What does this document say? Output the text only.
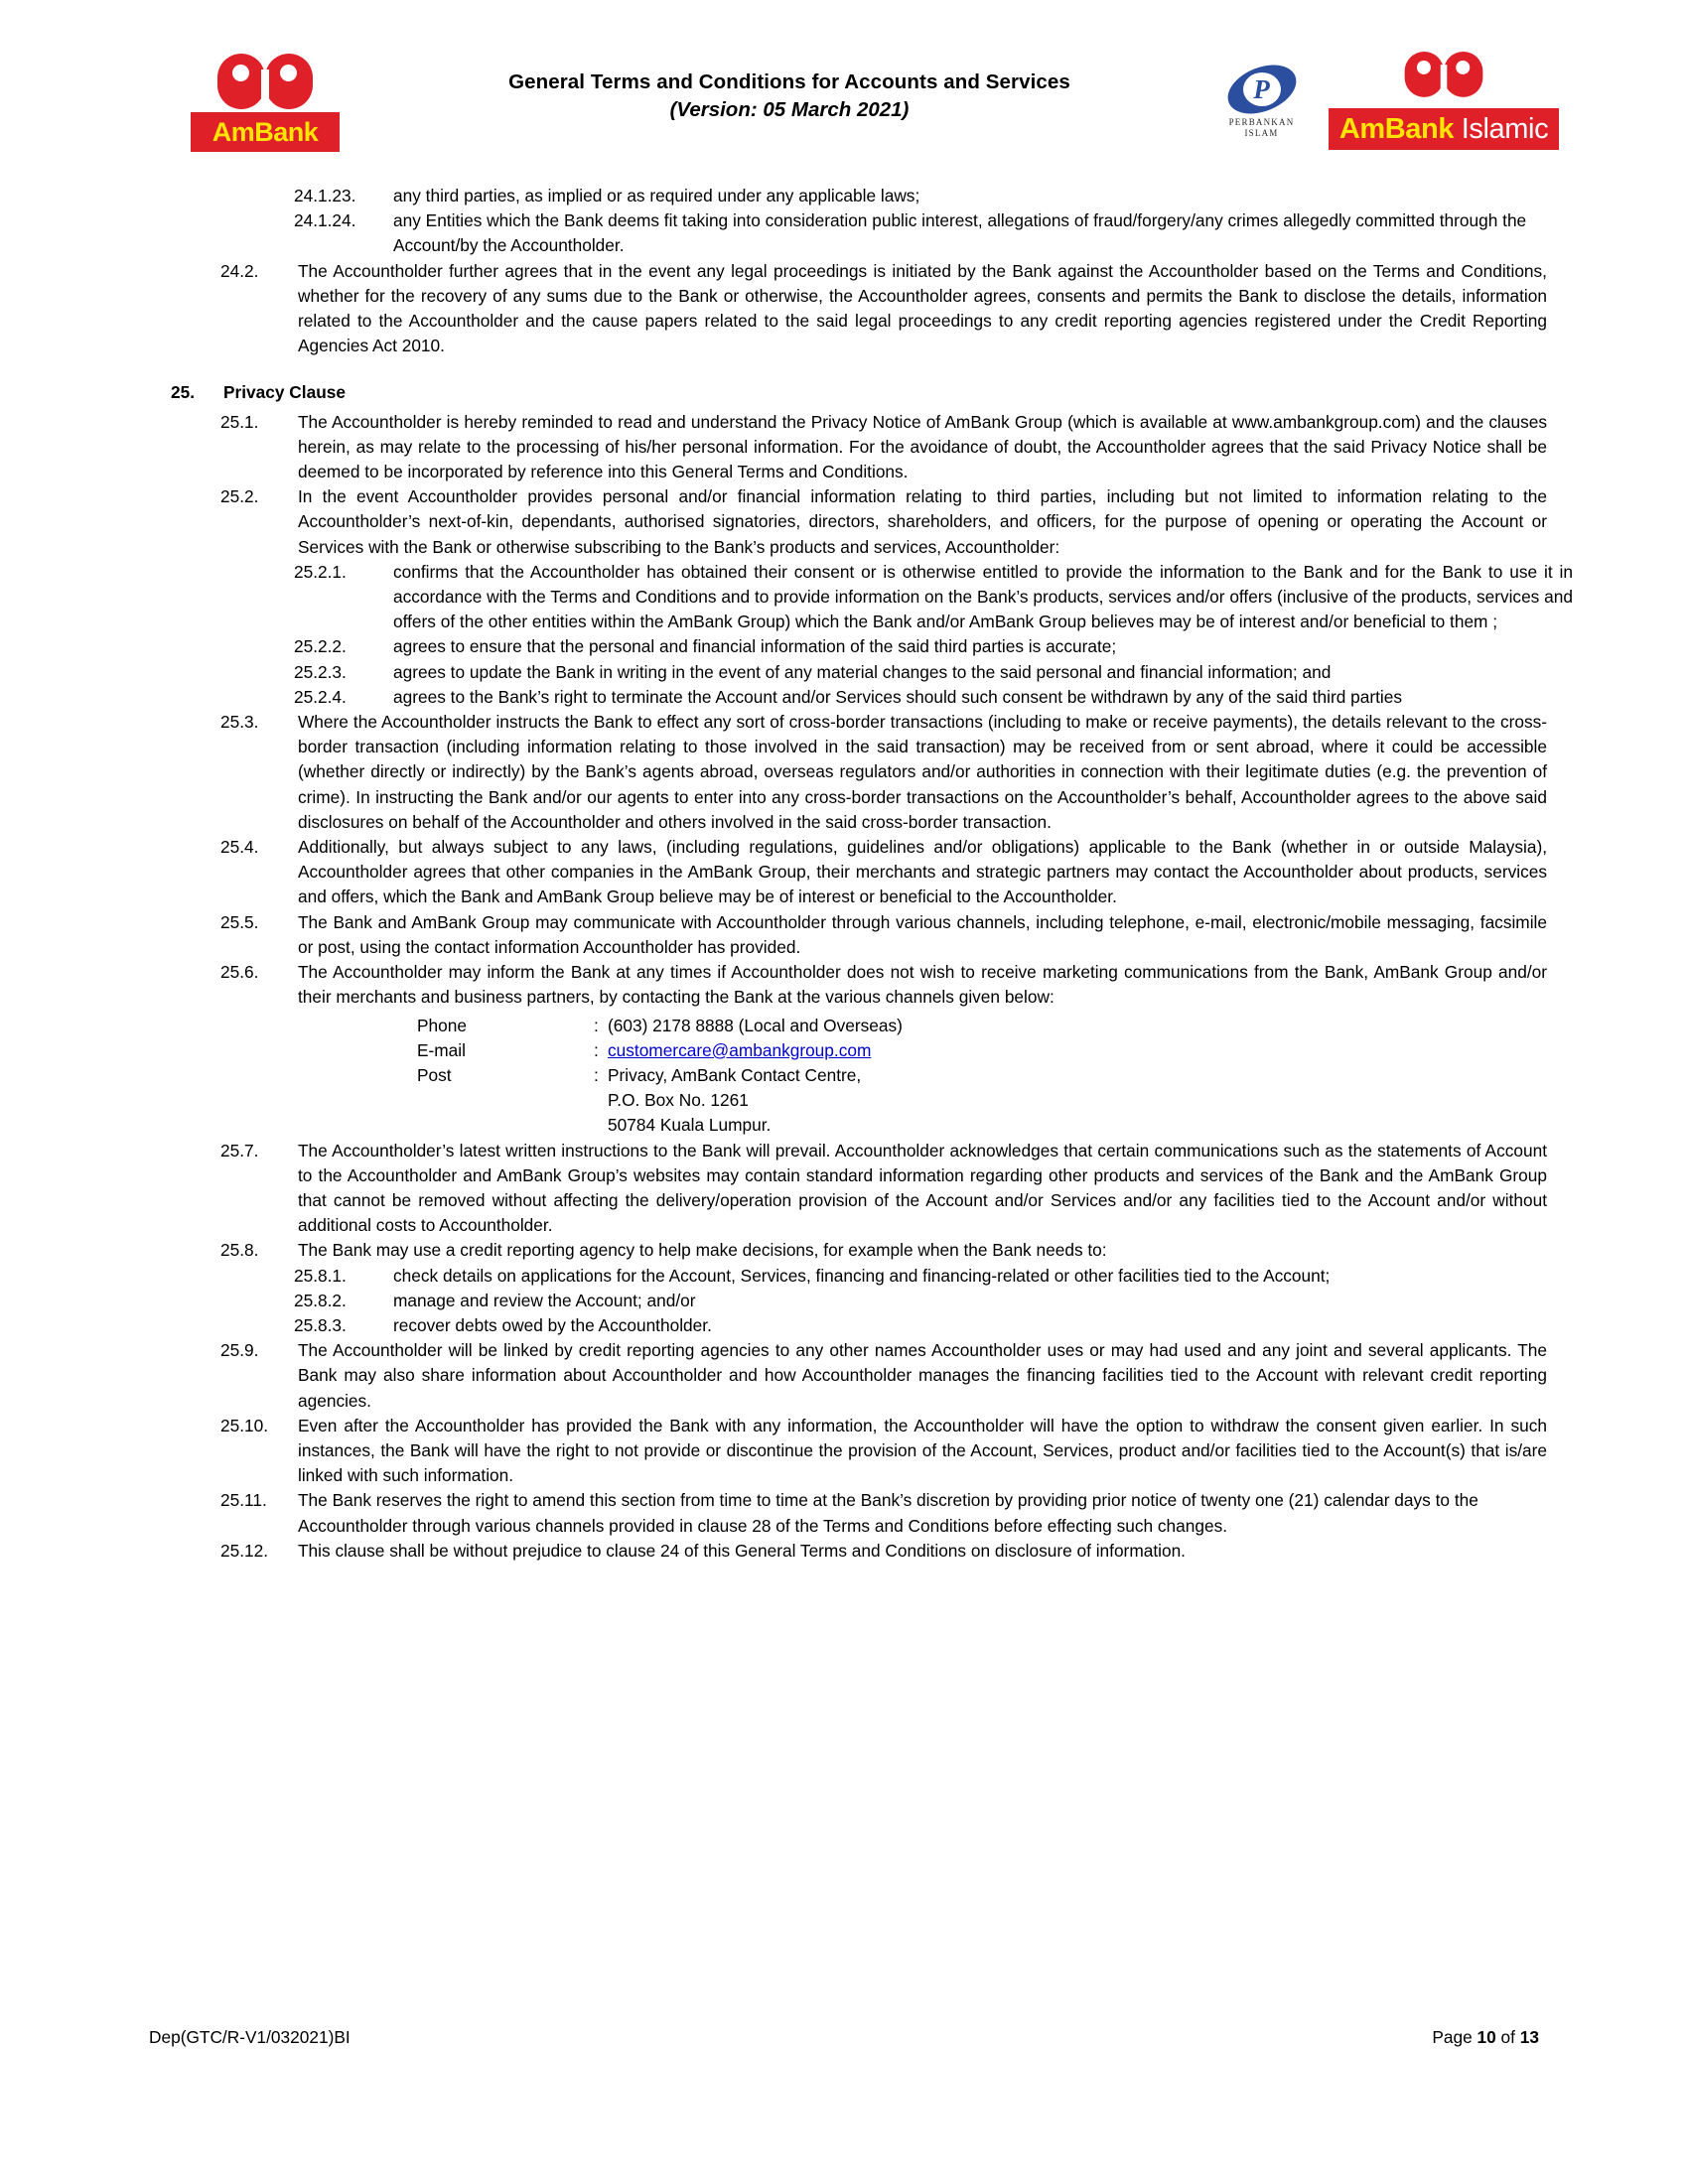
AmBank
General Terms and Conditions for Accounts and Services
(Version: 05 March 2021)
P
PERBANKAN
ISLAM	AmBank Islamic
24.1.23.	any third parties, as implied or as required under any applicable laws;
24.1.24.	any Entities which the Bank deems fit taking into consideration public interest, allegations of fraud/forgery/any crimes allegedly committed through the Account/by the Accountholder.
24.2.	The Accountholder further agrees that in the event any legal proceedings is initiated by the Bank against the Accountholder based on the Terms and Conditions, whether for the recovery of any sums due to the Bank or otherwise, the Accountholder agrees, consents and permits the Bank to disclose the details, information related to the Accountholder and the cause papers related to the said legal proceedings to any credit reporting agencies registered under the Credit Reporting Agencies Act 2010.
25.	Privacy Clause
25.1.	The Accountholder is hereby reminded to read and understand the Privacy Notice of AmBank Group (which is available at www.ambankgroup.com) and the clauses herein, as may relate to the processing of his/her personal information. For the avoidance of doubt, the Accountholder agrees that the said Privacy Notice shall be deemed to be incorporated by reference into this General Terms and Conditions.
25.2.	In the event Accountholder provides personal and/or financial information relating to third parties, including but not limited to information relating to the Accountholder’s next-of-kin, dependants, authorised signatories, directors, shareholders, and officers, for the purpose of opening or operating the Account or Services with the Bank or otherwise subscribing to the Bank’s products and services, Accountholder:
25.2.1.	confirms that the Accountholder has obtained their consent or is otherwise entitled to provide the information to the Bank and for the Bank to use it in accordance with the Terms and Conditions and to provide information on the Bank’s products, services and/or offers (inclusive of the products, services and offers of the other entities within the AmBank Group) which the Bank and/or AmBank Group believes may be of interest and/or beneficial to them ;
25.2.2.	agrees to ensure that the personal and financial information of the said third parties is accurate;
25.2.3.	agrees to update the Bank in writing in the event of any material changes to the said personal and financial information; and
25.2.4.	agrees to the Bank’s right to terminate the Account and/or Services should such consent be withdrawn by any of the said third parties
25.3.	Where the Accountholder instructs the Bank to effect any sort of cross-border transactions (including to make or receive payments), the details relevant to the cross-border transaction (including information relating to those involved in the said transaction) may be received from or sent abroad, where it could be accessible (whether directly or indirectly) by the Bank’s agents abroad, overseas regulators and/or authorities in connection with their legitimate duties (e.g. the prevention of crime). In instructing the Bank and/or our agents to enter into any cross-border transactions on the Accountholder’s behalf, Accountholder agrees to the above said disclosures on behalf of the Accountholder and others involved in the said cross-border transaction.
25.4.	Additionally, but always subject to any laws, (including regulations, guidelines and/or obligations) applicable to the Bank (whether in or outside Malaysia), Accountholder agrees that other companies in the AmBank Group, their merchants and strategic partners may contact the Accountholder about products, services and offers, which the Bank and AmBank Group believe may be of interest or beneficial to the Accountholder.
25.5.	The Bank and AmBank Group may communicate with Accountholder through various channels, including telephone, e-mail, electronic/mobile messaging, facsimile or post, using the contact information Accountholder has provided.
25.6.	The Accountholder may inform the Bank at any times if Accountholder does not wish to receive marketing communications from the Bank, AmBank Group and/or their merchants and business partners, by contacting the Bank at the various channels given below:
Phone	: (603) 2178 8888 (Local and Overseas)
E-mail	: customercare@ambankgroup.com
Post	: Privacy, AmBank Contact Centre,
P.O. Box No. 1261
50784 Kuala Lumpur.
25.7.	The Accountholder’s latest written instructions to the Bank will prevail. Accountholder acknowledges that certain communications such as the statements of Account to the Accountholder and AmBank Group’s websites may contain standard information regarding other products and services of the Bank and the AmBank Group that cannot be removed without affecting the delivery/operation provision of the Account and/or Services and/or any facilities tied to the Account and/or without additional costs to Accountholder.
25.8.	The Bank may use a credit reporting agency to help make decisions, for example when the Bank needs to:
25.8.1.	check details on applications for the Account, Services, financing and financing-related or other facilities tied to the Account;
25.8.2.	manage and review the Account; and/or
25.8.3.	recover debts owed by the Accountholder.
25.9.	The Accountholder will be linked by credit reporting agencies to any other names Accountholder uses or may had used and any joint and several applicants. The Bank may also share information about Accountholder and how Accountholder manages the financing facilities tied to the Account with relevant credit reporting agencies.
25.10.	Even after the Accountholder has provided the Bank with any information, the Accountholder will have the option to withdraw the consent given earlier. In such instances, the Bank will have the right to not provide or discontinue the provision of the Account, Services, product and/or facilities tied to the Account(s) that is/are linked with such information.
25.11.	The Bank reserves the right to amend this section from time to time at the Bank’s discretion by providing prior notice of twenty one (21) calendar days to the Accountholder through various channels provided in clause 28 of the Terms and Conditions before effecting such changes.
25.12.	This clause shall be without prejudice to clause 24 of this General Terms and Conditions on disclosure of information.
Dep(GTC/R-V1/032021)BI	Page 10 of 13
